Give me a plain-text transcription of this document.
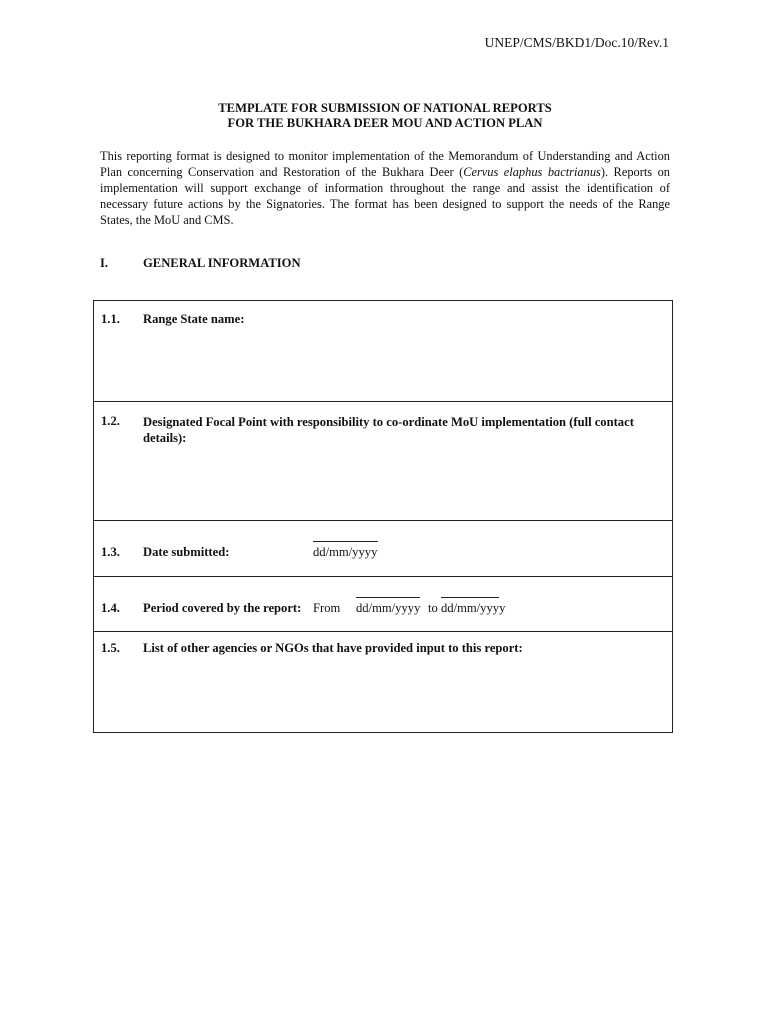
UNEP/CMS/BKD1/Doc.10/Rev.1
TEMPLATE FOR SUBMISSION OF NATIONAL REPORTS
FOR THE BUKHARA DEER MOU AND ACTION PLAN
This reporting format is designed to monitor implementation of the Memorandum of Understanding and Action Plan concerning Conservation and Restoration of the Bukhara Deer (Cervus elaphus bactrianus). Reports on implementation will support exchange of information throughout the range and assist the identification of necessary future actions by the Signatories. The format has been designed to support the needs of the Range States, the MoU and CMS.
I.	GENERAL INFORMATION
1.1. Range State name:
1.2. Designated Focal Point with responsibility to co-ordinate MoU implementation (full contact details):
1.3. Date submitted:	dd/mm/yyyy
1.4. Period covered by the report: From dd/mm/yyyy to dd/mm/yyyy
1.5. List of other agencies or NGOs that have provided input to this report:
